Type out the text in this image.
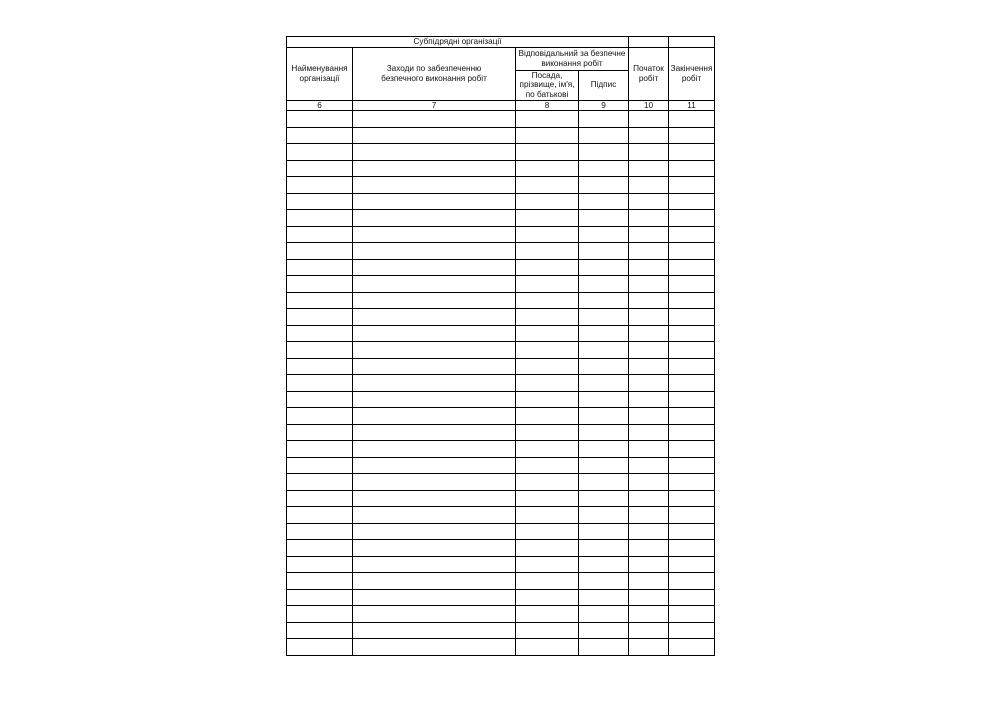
Субпідрядні організації					

Найменування організації	Заходи по забезпеченню безпечного виконання робіт	Відповідальний за безпечне виконання робіт		Початок робіт	Закінчення робіт

		Посада, прізвище, ім'я, по батькові	Підпис		

6	7	8	9	10	11
